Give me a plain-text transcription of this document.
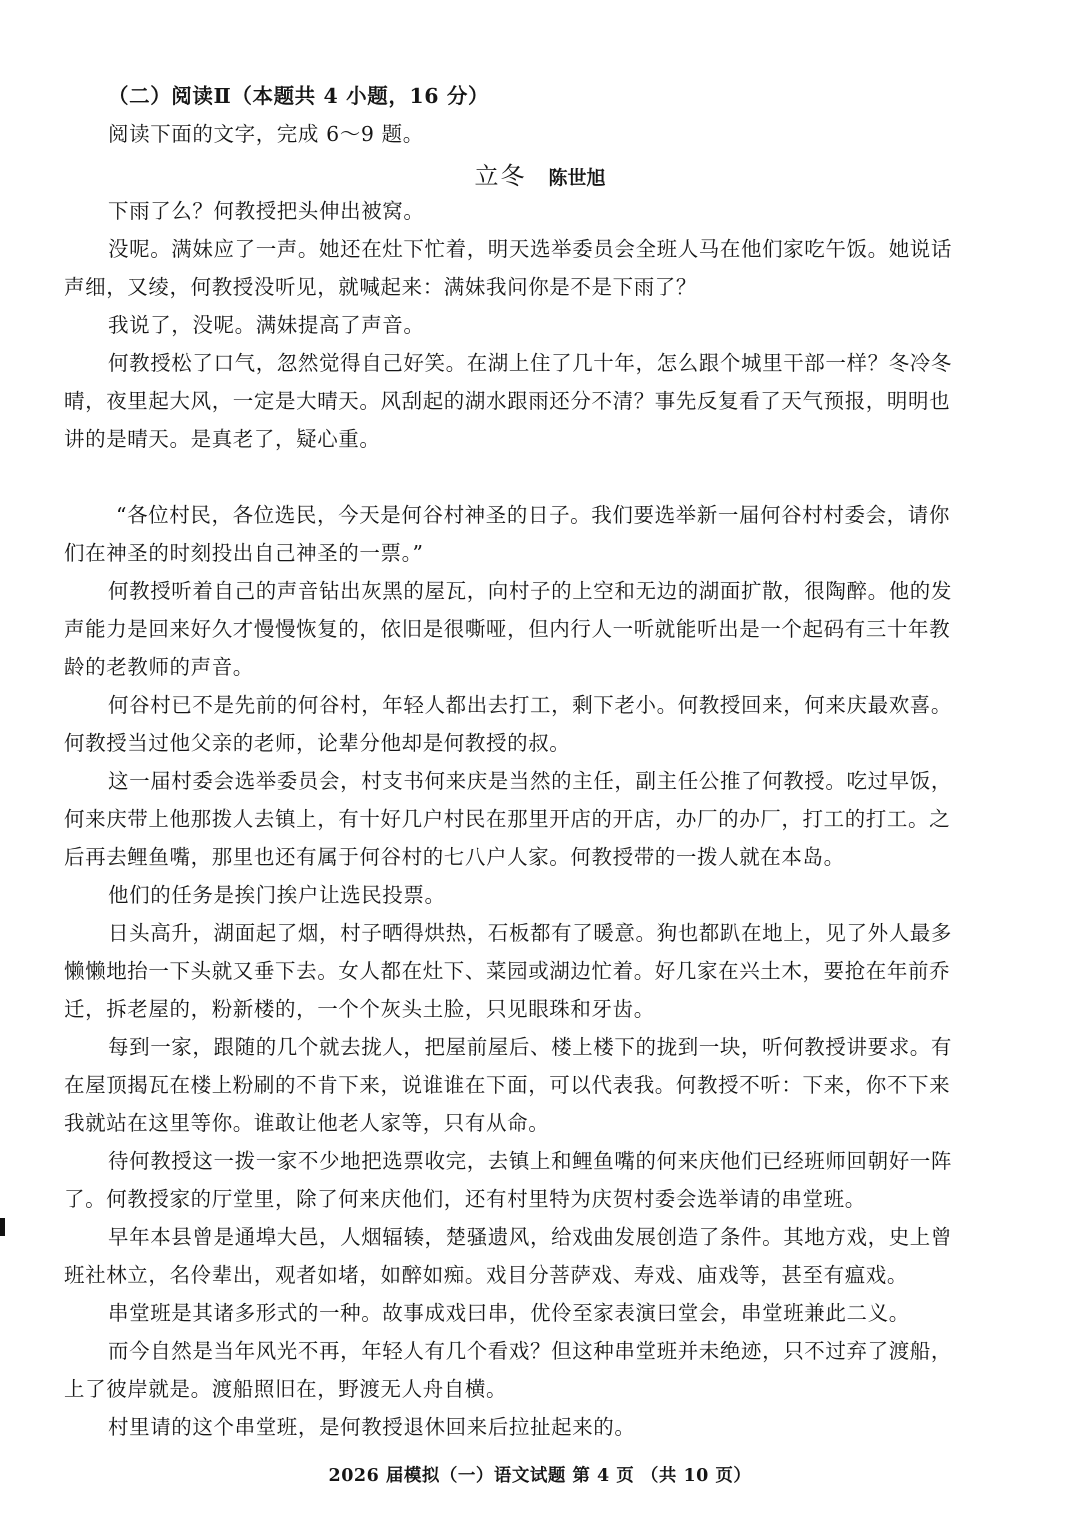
（二）阅读Ⅱ（本题共 4 小题，16 分）
阅读下面的文字，完成 6～9 题。
立冬 陈世旭
下雨了么？何教授把头伸出被窝。
没呢。满妹应了一声。她还在灶下忙着，明天选举委员会全班人马在他们家吃午饭。她说话
声细，又绫，何教授没听见，就喊起来：满妹我问你是不是下雨了？
我说了，没呢。满妹提高了声音。
何教授松了口气，忽然觉得自己好笑。在湖上住了几十年，怎么跟个城里干部一样？冬冷冬
晴，夜里起大风，一定是大晴天。风刮起的湖水跟雨还分不清？事先反复看了天气预报，明明也
讲的是晴天。是真老了，疑心重。
“各位村民，各位选民，今天是何谷村神圣的日子。我们要选举新一届何谷村村委会，请你
们在神圣的时刻投出自己神圣的一票。”
何教授听着自己的声音钻出灰黑的屋瓦，向村子的上空和无边的湖面扩散，很陶醉。他的发
声能力是回来好久才慢慢恢复的，依旧是很嘶哑，但内行人一听就能听出是一个起码有三十年教
龄的老教师的声音。
何谷村已不是先前的何谷村，年轻人都出去打工，剩下老小。何教授回来，何来庆最欢喜。
何教授当过他父亲的老师，论辈分他却是何教授的叔。
这一届村委会选举委员会，村支书何来庆是当然的主任，副主任公推了何教授。吃过早饭，
何来庆带上他那拨人去镇上，有十好几户村民在那里开店的开店，办厂的办厂，打工的打工。之
后再去鲤鱼嘴，那里也还有属于何谷村的七八户人家。何教授带的一拨人就在本岛。
他们的任务是挨门挨户让选民投票。
日头高升，湖面起了烟，村子晒得烘热，石板都有了暖意。狗也都趴在地上，见了外人最多
懒懒地抬一下头就又垂下去。女人都在灶下、菜园或湖边忙着。好几家在兴土木，要抢在年前乔
迁，拆老屋的，粉新楼的，一个个灰头土脸，只见眼珠和牙齿。
每到一家，跟随的几个就去拢人，把屋前屋后、楼上楼下的拢到一块，听何教授讲要求。有
在屋顶揭瓦在楼上粉刷的不肯下来，说谁谁在下面，可以代表我。何教授不听：下来，你不下来
我就站在这里等你。谁敢让他老人家等，只有从命。
待何教授这一拨一家不少地把选票收完，去镇上和鲤鱼嘴的何来庆他们已经班师回朝好一阵
了。何教授家的厅堂里，除了何来庆他们，还有村里特为庆贺村委会选举请的串堂班。
早年本县曾是通埠大邑，人烟辐辏，楚骚遗风，给戏曲发展创造了条件。其地方戏，史上曾
班社林立，名伶辈出，观者如堵，如醉如痴。戏目分菩萨戏、寿戏、庙戏等，甚至有瘟戏。
串堂班是其诸多形式的一种。故事成戏曰串，优伶至家表演曰堂会，串堂班兼此二义。
而今自然是当年风光不再，年轻人有几个看戏？但这种串堂班并未绝迹，只不过弃了渡船，
上了彼岸就是。渡船照旧在，野渡无人舟自横。
村里请的这个串堂班，是何教授退休回来后拉扯起来的。
2026 届模拟（一）语文试题 第 4 页 （共 10 页）
